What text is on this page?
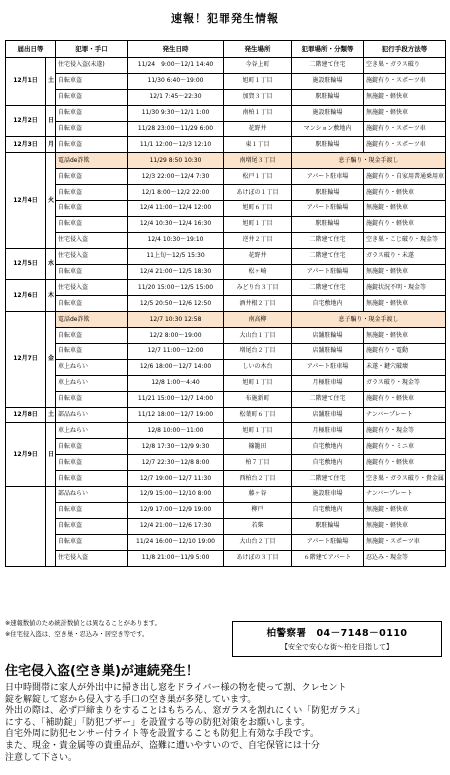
速報！犯罪発生情報
届出日等		犯罪・手口	発生日時	発生場所	犯罪場所・分類等	犯行手段方法等
12月1日	土	住宅侵入盗(未遂)	11/24　9:00～12/1 14:40	今谷上町	二階建て住宅	空き巣・ガラス破り
		自転車盗	11/30 6:40～19:00	旭町１丁目	施設駐輪場	施錠有り・スポーツ車
		自転車盗	12/1 7:45～22:30	加賀３丁目	駅駐輪場	無施錠・軽快車
12月2日	日	自転車盗	11/30 9:30～12/1 1:00	南柏１丁目	施設駐輪場	無施錠・軽快車
		自転車盗	11/28 23:00～11/29 6:00	花野井	マンション敷地内	施錠有り・スポーツ車
12月3日	月	自転車盗	11/1 12:00～12/3 12:10	東１丁目	駅駐輪場	施錠有り・スポーツ車
12月4日	火	電話de詐欺	11/29 8:50 10:30	南増尾３丁目	息子騙り・現金手渡し	
		自転車盗	12/3 22:00～12/4 7:30	松戸１丁目	アパート駐車場	施錠有り・自家用普通乗用車
		自転車盗	12/1 8:00～12/2 22:00	あけぼの１丁目	駅駐輪場	施錠有り・軽快車
		自転車盗	12/4 11:00～12/4 12:00	旭町６丁目	アパート駐輪場	無施錠・軽快車
		自転車盗	12/4 10:30～12/4 16:30	旭町１丁目	駅駐輪場	施錠有り・軽快車
		住宅侵入盗	12/4 10:30～19:10	逆井２丁目	二階建て住宅	空き巣・こじ破り・現金等
12月5日	水	住宅侵入盗	11上旬～12/5 15:30	花野井	二階建て住宅	ガラス破り・未遂
		自転車盗	12/4 21:00～12/5 18:30	松ヶ崎	アパート駐輪場	無施錠・軽快車
12月6日	木	住宅侵入盗	11/20 15:00～12/5 15:00	みどり台３丁目	二階建て住宅	施錠状況不明・現金等
		自転車盗	12/5 20:50～12/6 12:50	酒井根２丁目	自宅敷地内	無施錠・軽快車
12月7日	金	電話de詐欺	12/7 10:30 12:58	南高柳	息子騙り・現金手渡し	
		自転車盗	12/2 8:00～19:00	大山台１丁目	店舗駐輪場	無施錠・軽快車
		自転車盗	12/7 11:00～12:00	増尾台２丁目	店舗駐輪場	施錠有り・電動
		車上ねらい	12/6 18:00～12/7 14:00	しいの木台	アパート駐車場	未遂・鍵穴破壊
		車上ねらい	12/8 1:00～4:40	旭町１丁目	月極駐車場	ガラス破り・現金等
		自転車盗	11/21 15:00～12/7 14:00	布施新町	二階建て住宅	施錠有り・軽快車
12月8日	土	部品ねらい	11/12 18:00～12/7 19:00	松葉町６丁目	店舗駐車場	ナンバープレート
12月9日	日	車上ねらい	12/8 10:00～11:00	旭町１丁目	月極駐車場	施錠有り・現金等
		自転車盗	12/8 17:30～12/9 9:30	篠籠田	自宅敷地内	施錠有り・ミニ車
		自転車盗	12/7 22:30～12/8 8:00	柏７丁目	自宅敷地内	施錠有り・軽快車
		自転車盗	12/7 19:00～12/7 11:30	西柏台２丁目	二階建て住宅	空き巣・ガラス破り・貴金属
		部品ねらい	12/9 15:00～12/10 8:00	藤ヶ谷	施設駐車場	ナンバープレート
		自転車盗	12/9 17:00～12/9 19:00	柳戸	自宅敷地内	無施錠・軽快車
		自転車盗	12/4 21:00～12/6 17:30	若柴	駅駐輪場	無施錠・軽快車
		自転車盗	11/24 16:00～12/10 19:00	大山台２丁目	アパート駐輪場	無施錠・スポーツ車
		住宅侵入盗	11/8 21:00～11/9 5:00	あけぼの３丁目	６階建てアパート	忍込み・現金等
※速報数値のため統計数値とは異なることがあります。
※住宅侵入盗は、空き巣・忍込み・居空き等です。	柏警察署　04－7148－0110
【安全で安心な街～柏を目指して】
住宅侵入盗(空き巣)が連続発生！

日中時間帯に家人が外出中に掃き出し窓をドライバー様の物を使って割、クレセント

錠を解錠して窓から侵入する手口の空き巣が多発しています。

外出の際は、必ず戸締まりをすることはもちろん、窓ガラスを割れにくい「防犯ガラス」

にする、「補助錠」「防犯ブザー」を設置する等の防犯対策をお願いします。

自宅外周に防犯センサー付ライト等を設置することも防犯上有効な手段です。

また、現金・貴金属等の貴重品が、盗難に遭いやすいので、自宅保管には十分

注意して下さい。
